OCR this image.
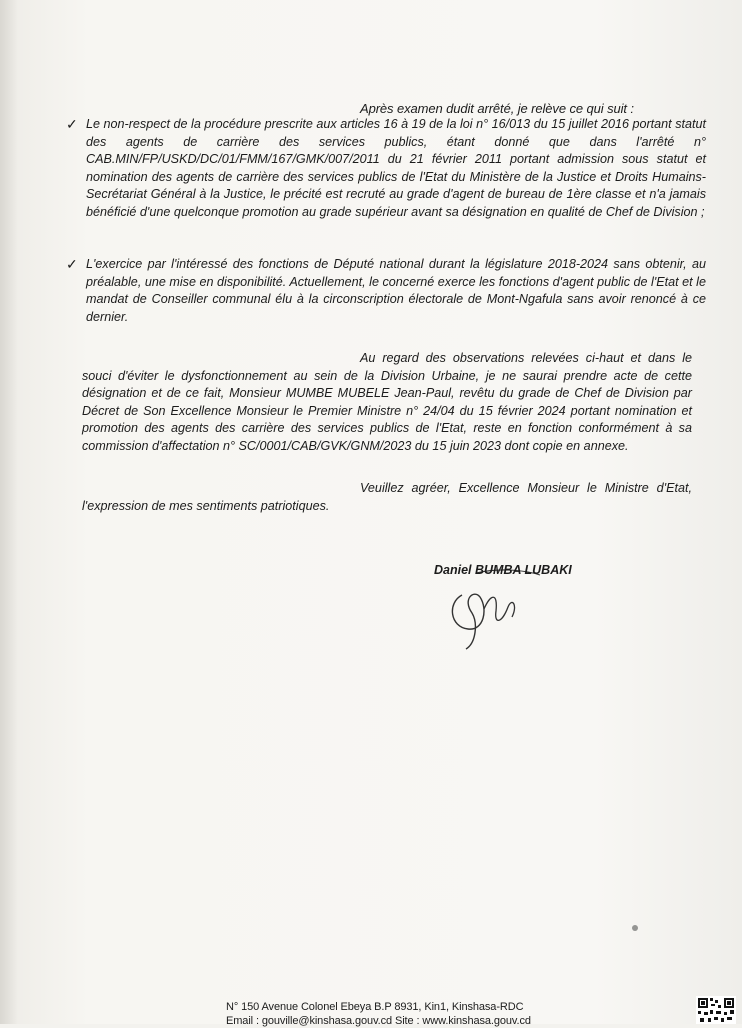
Après examen dudit arrêté, je relève ce qui suit :
✓ Le non-respect de la procédure prescrite aux articles 16 à 19 de la loi n° 16/013 du 15 juillet 2016 portant statut des agents de carrière des services publics, étant donné que dans l'arrêté n° CAB.MIN/FP/USKD/DC/01/FMM/167/GMK/007/2011 du 21 février 2011 portant admission sous statut et nomination des agents de carrière des services publics de l'Etat du Ministère de la Justice et Droits Humains-Secrétariat Général à la Justice, le précité est recruté au grade d'agent de bureau de 1ère classe et n'a jamais bénéficié d'une quelconque promotion au grade supérieur avant sa désignation en qualité de Chef de Division ;
✓ L'exercice par l'intéressé des fonctions de Député national durant la législature 2018-2024 sans obtenir, au préalable, une mise en disponibilité. Actuellement, le concerné exerce les fonctions d'agent public de l'Etat et le mandat de Conseiller communal élu à la circonscription électorale de Mont-Ngafula sans avoir renoncé à ce dernier.
Au regard des observations relevées ci-haut et dans le souci d'éviter le dysfonctionnement au sein de la Division Urbaine, je ne saurai prendre acte de cette désignation et de ce fait, Monsieur MUMBE MUBELE Jean-Paul, revêtu du grade de Chef de Division par Décret de Son Excellence Monsieur le Premier Ministre n° 24/04 du 15 février 2024 portant nomination et promotion des agents des carrière des services publics de l'Etat, reste en fonction conformément à sa commission d'affectation n° SC/0001/CAB/GVK/GNM/2023 du 15 juin 2023 dont copie en annexe.
Veuillez agréer, Excellence Monsieur le Ministre d'Etat, l'expression de mes sentiments patriotiques.
Daniel BUMBA LUBAKI
N° 150 Avenue Colonel Ebeya B.P 8931, Kin1, Kinshasa-RDC
Email : gouville@kinshasa.gouv.cd Site : www.kinshasa.gouv.cd
